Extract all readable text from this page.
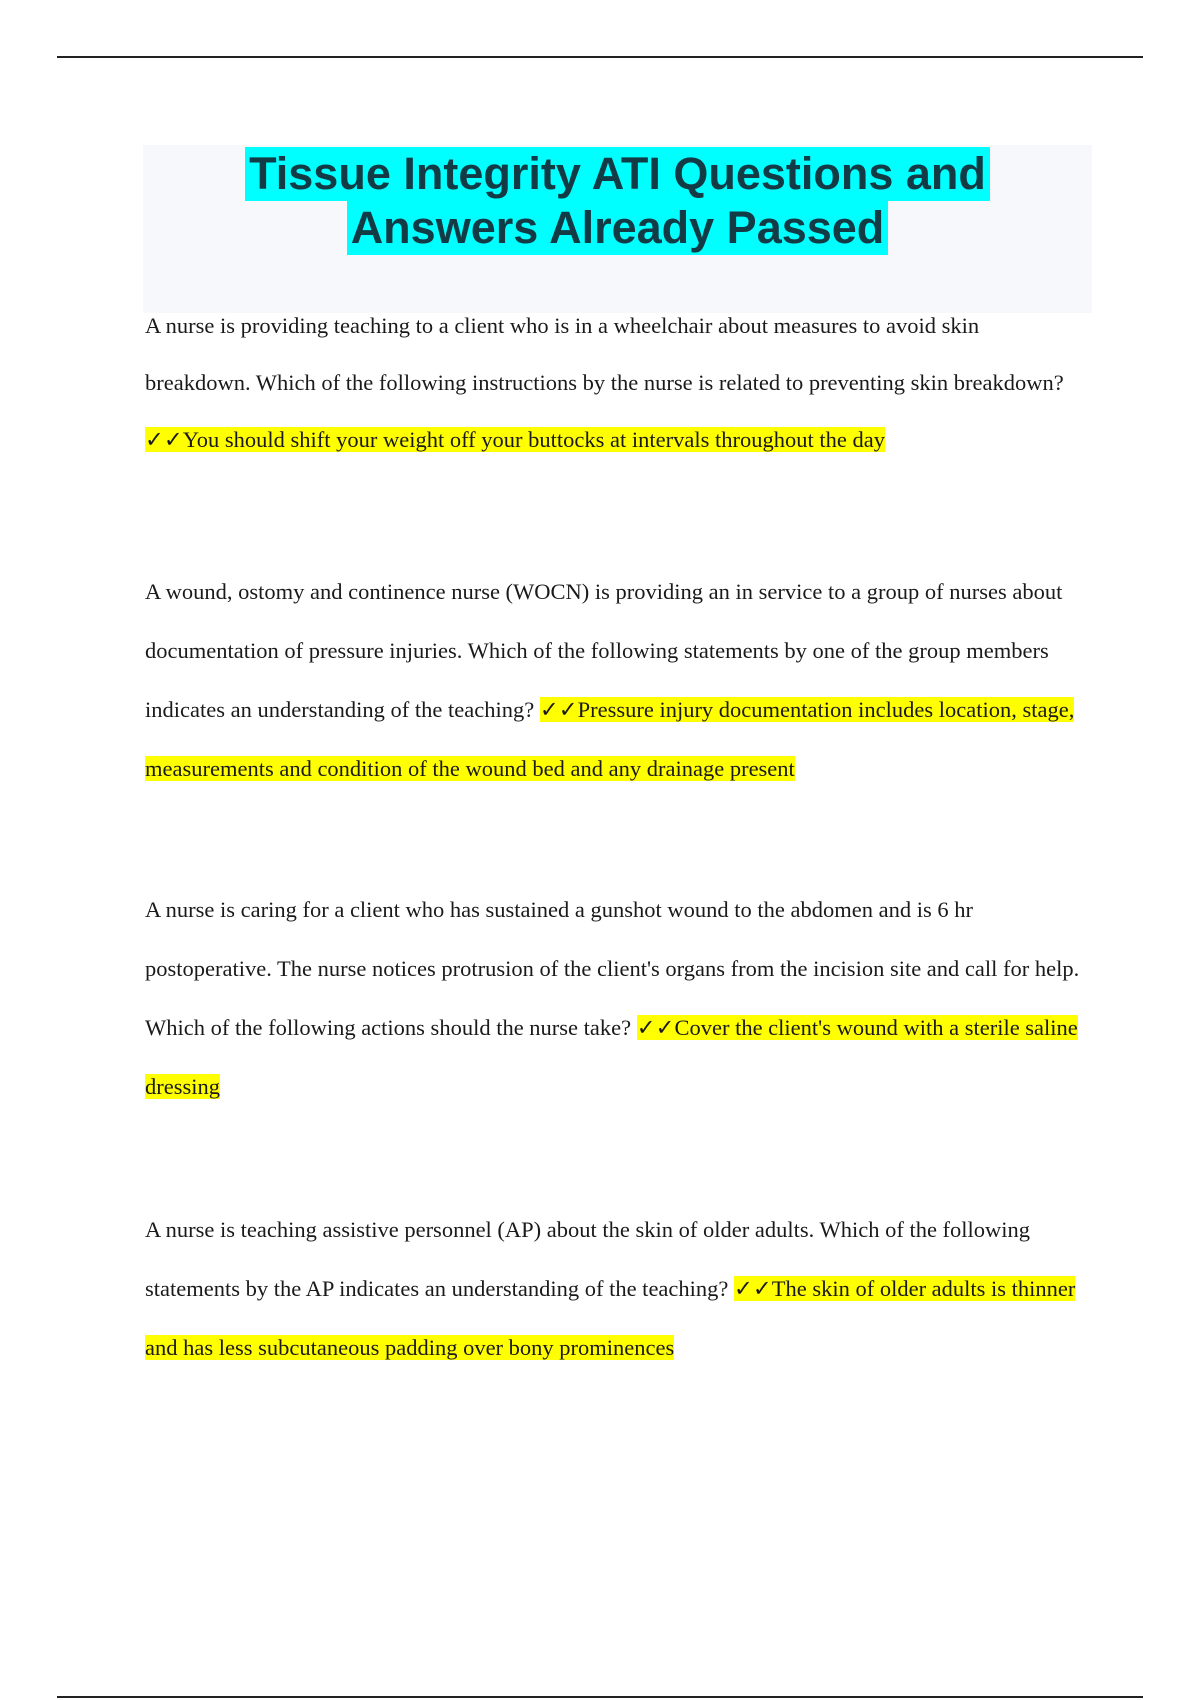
Tissue Integrity ATI Questions and
Answers Already Passed

A nurse is providing teaching to a client who is in a wheelchair about measures to avoid skin breakdown. Which of the following instructions by the nurse is related to preventing skin breakdown? ✓✓You should shift your weight off your buttocks at intervals throughout the day

A wound, ostomy and continence nurse (WOCN) is providing an in service to a group of nurses about documentation of pressure injuries. Which of the following statements by one of the group members indicates an understanding of the teaching? ✓✓Pressure injury documentation includes location, stage, measurements and condition of the wound bed and any drainage present

A nurse is caring for a client who has sustained a gunshot wound to the abdomen and is 6 hr postoperative. The nurse notices protrusion of the client's organs from the incision site and call for help. Which of the following actions should the nurse take? ✓✓Cover the client's wound with a sterile saline dressing

A nurse is teaching assistive personnel (AP) about the skin of older adults. Which of the following statements by the AP indicates an understanding of the teaching? ✓✓The skin of older adults is thinner and has less subcutaneous padding over bony prominences
